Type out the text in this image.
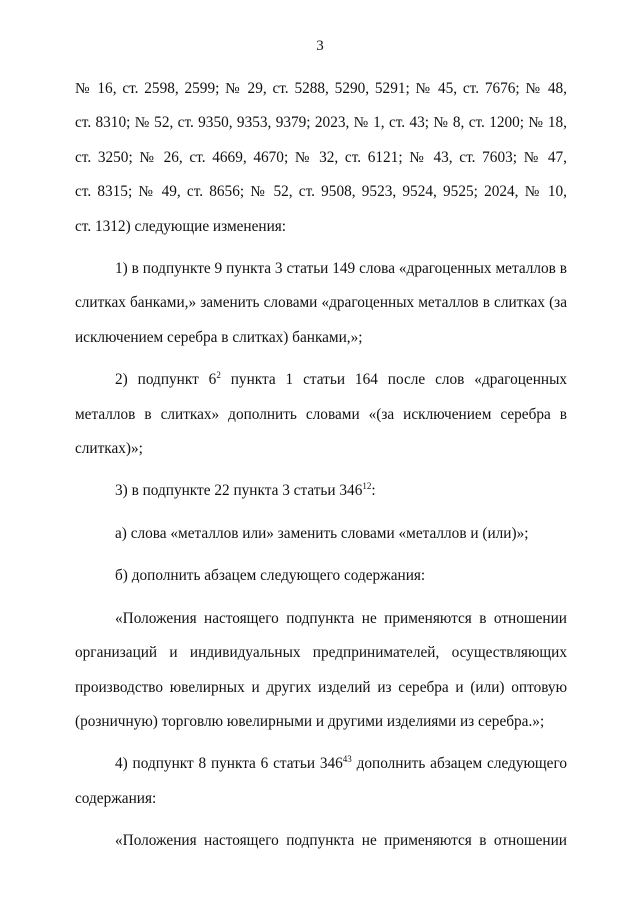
3

№ 16, ст. 2598, 2599; № 29, ст. 5288, 5290, 5291; № 45, ст. 7676; № 48,

ст. 8310; № 52, ст. 9350, 9353, 9379; 2023, № 1, ст. 43; № 8, ст. 1200; № 18,

ст. 3250; № 26, ст. 4669, 4670; № 32, ст. 6121; № 43, ст. 7603; № 47,

ст. 8315; № 49, ст. 8656; № 52, ст. 9508, 9523, 9524, 9525; 2024, № 10,

ст. 1312) следующие изменения:

1) в подпункте 9 пункта 3 статьи 149 слова «драгоценных металлов в

слитках банками,» заменить словами «драгоценных металлов в слитках (за

исключением серебра в слитках) банками,»;

2) подпункт $6^2$ пункта 1 статьи 164 после слов «драгоценных

металлов в слитках» дополнить словами «(за исключением серебра в

слитках)»;

3) в подпункте 22 пункта 3 статьи $346^{12}$:

а) слова «металлов или» заменить словами «металлов и (или)»;

б) дополнить абзацем следующего содержания:

«Положения настоящего подпункта не применяются в отношении

организаций и индивидуальных предпринимателей, осуществляющих

производство ювелирных и других изделий из серебра и (или) оптовую

(розничную) торговлю ювелирными и другими изделиями из серебра.»;

4) подпункт 8 пункта 6 статьи $346^{43}$ дополнить абзацем следующего

содержания:

«Положения настоящего подпункта не применяются в отношении
